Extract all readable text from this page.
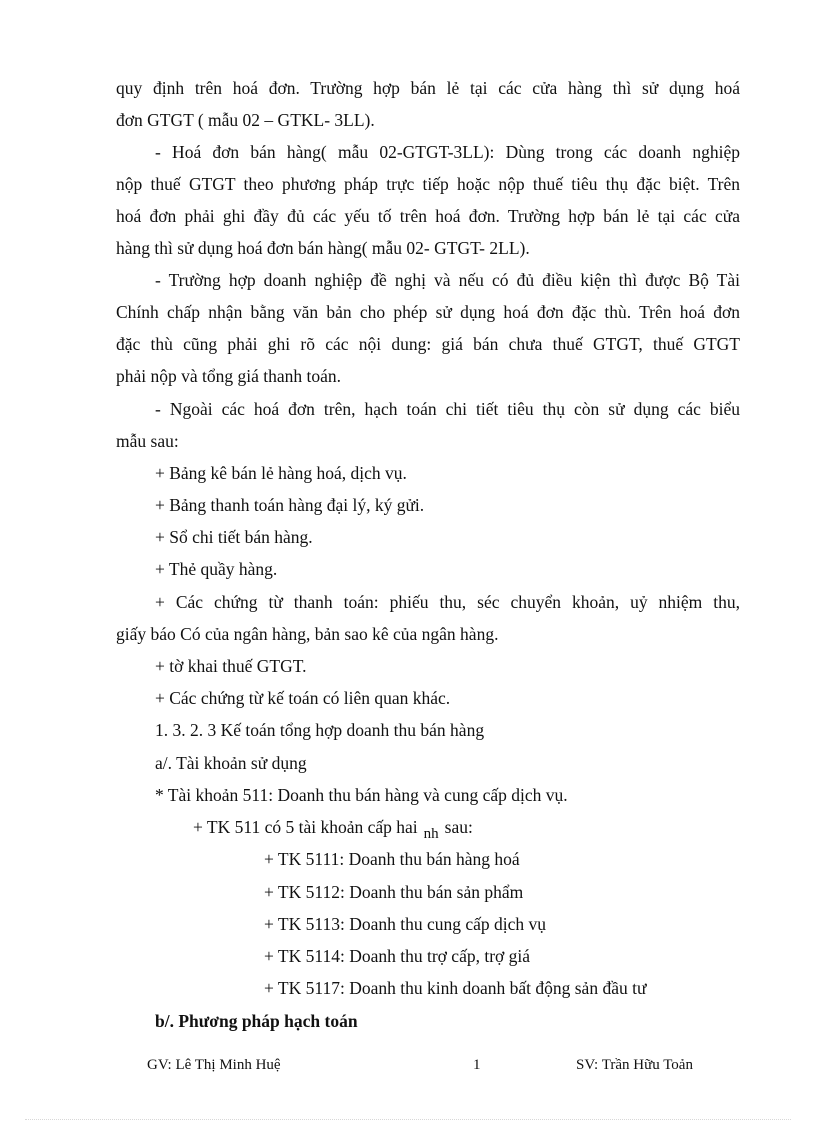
quy định trên hoá đơn. Trường hợp bán lẻ tại các cửa hàng thì sử dụng hoá
đơn GTGT ( mẫu 02 – GTKL- 3LL).
- Hoá đơn bán hàng( mẫu 02-GTGT-3LL): Dùng trong các doanh nghiệp
nộp thuế GTGT theo phương pháp trực tiếp hoặc nộp thuế tiêu thụ đặc biệt. Trên
hoá đơn phải ghi đầy đủ các yếu tố trên hoá đơn. Trường hợp bán lẻ tại các cửa
hàng thì sử dụng hoá đơn bán hàng( mẫu 02- GTGT- 2LL).
- Trường hợp doanh nghiệp đề nghị và nếu có đủ điều kiện thì được Bộ Tài
Chính chấp nhận bằng văn bản cho phép sử dụng hoá đơn đặc thù. Trên hoá đơn
đặc thù cũng phải ghi rõ các nội dung: giá bán chưa thuế GTGT, thuế GTGT
phải nộp và tổng giá thanh toán.
- Ngoài các hoá đơn trên, hạch toán chi tiết tiêu thụ còn sử dụng các biểu
mẫu sau:
+ Bảng kê bán lẻ hàng hoá, dịch vụ.
+ Bảng thanh toán hàng đại lý, ký gửi.
+ Sổ chi tiết bán hàng.
+ Thẻ quầy hàng.
+ Các chứng từ thanh toán: phiếu thu, séc chuyển khoản, uỷ nhiệm thu,
giấy báo Có của ngân hàng, bản sao kê của ngân hàng.
+ tờ khai thuế GTGT.
+ Các chứng từ kế toán có liên quan khác.
1. 3. 2. 3 Kế toán tổng hợp doanh thu bán hàng
a/. Tài khoản sử dụng
* Tài khoản 511: Doanh thu bán hàng và cung cấp dịch vụ.
+ TK 511 có 5 tài khoản cấp hai nh sau:
+ TK 5111: Doanh thu bán hàng hoá
+ TK 5112: Doanh thu bán sản phẩm
+ TK 5113: Doanh thu cung cấp dịch vụ
+ TK 5114: Doanh thu trợ cấp, trợ giá
+ TK 5117: Doanh thu kinh doanh bất động sản đầu tư
b/. Phương pháp hạch toán
GV: Lê Thị Minh Huệ	1	SV: Trần Hữu Toản
